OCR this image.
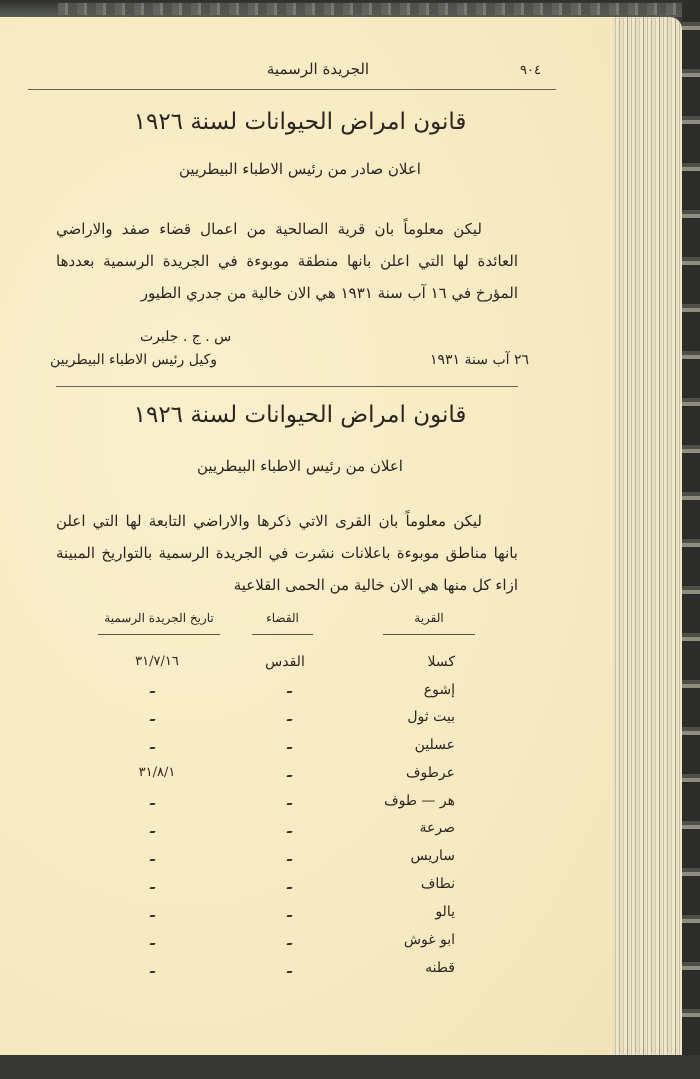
الجريدة الرسمية	٩٠٤
قانون امراض الحيوانات لسنة ١٩٢٦
اعلان صادر من رئيس الاطباء البيطريين

ليكن معلوماً بان قرية الصالحية من اعمال قضاء صفد والاراضي العائدة لها التي اعلن بانها منطقة موبوءة في الجريدة الرسمية بعددها المؤرخ في ١٦ آب سنة ١٩٣١ هي الان خالية من جدري الطيور

س . ج . جلبرت
وكيل رئيس الاطباء البيطريين	٢٦ آب سنة ١٩٣١
قانون امراض الحيوانات لسنة ١٩٢٦
اعلان من رئيس الاطباء البيطريين

ليكن معلوماً بان القرى الاتي ذكرها والاراضي التابعة لها التي اعلن بانها مناطق موبوءة باعلانات نشرت في الجريدة الرسمية بالتواريخ المبينة ازاء كل منها هي الان خالية من الحمى القلاعية

القرية
القضاء
تاريخ الجريدة الرسمية
كسلا
القدس
٣١/٧/١٦
إشوع
بيت ثول
عسلين
عرطوف
٣١/٨/١
هر — طوف
صرعة
ساريس
نطاف
يالو
ابو غوش
قطنه
